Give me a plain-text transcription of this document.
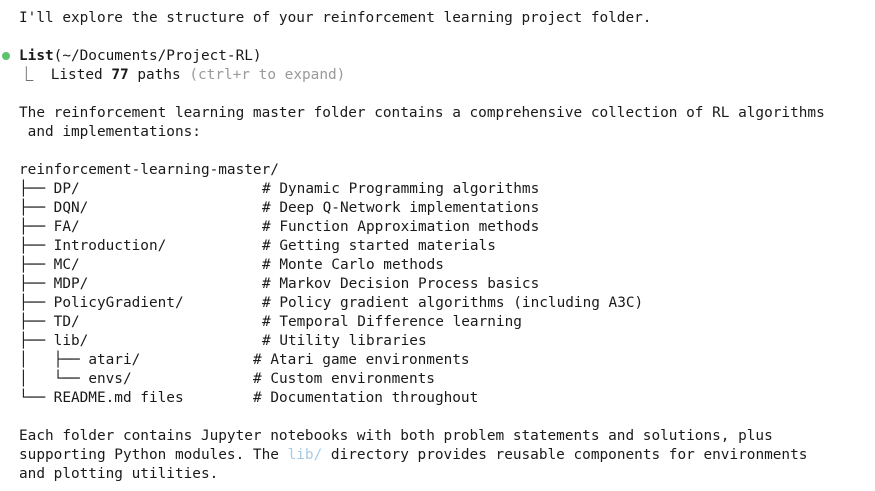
I'll explore the structure of your reinforcement learning project folder.
List(~/Documents/Project-RL)
⎿  Listed 77 paths (ctrl+r to expand)
The reinforcement learning master folder contains a comprehensive collection of RL algorithms
and implementations:
reinforcement-learning-master/
├── DP/	# Dynamic Programming algorithms
├── DQN/	# Deep Q-Network implementations
├── FA/	# Function Approximation methods
├── Introduction/	# Getting started materials
├── MC/	# Monte Carlo methods
├── MDP/	# Markov Decision Process basics
├── PolicyGradient/	# Policy gradient algorithms (including A3C)
├── TD/	# Temporal Difference learning
├── lib/	# Utility libraries
│   ├── atari/	# Atari game environments
│   └── envs/	# Custom environments
└── README.md files	# Documentation throughout
Each folder contains Jupyter notebooks with both problem statements and solutions, plus
supporting Python modules. The lib/ directory provides reusable components for environments
and plotting utilities.
